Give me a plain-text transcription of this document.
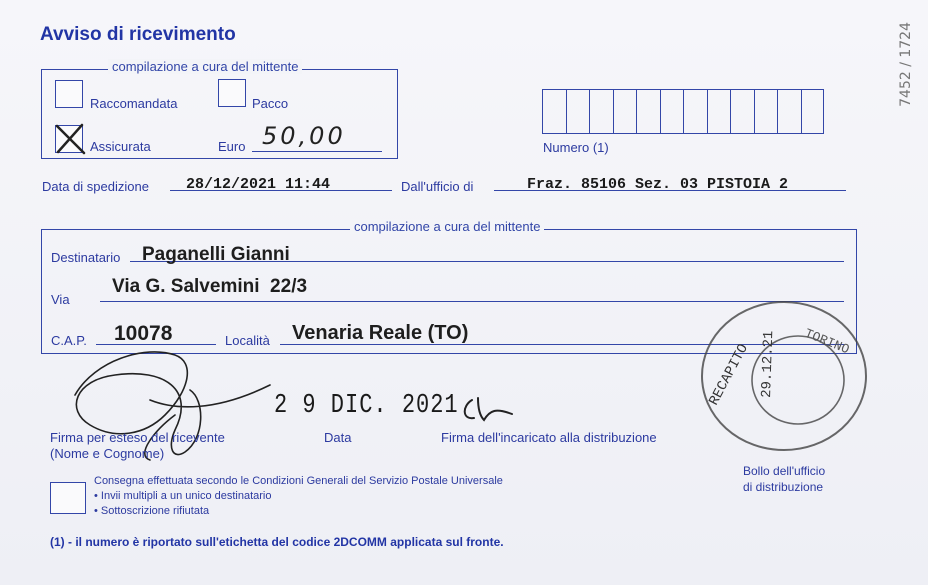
Avviso di ricevimento
compilazione a cura del mittente
Raccomandata	Pacco
Assicurata	Euro 50,00	Numero (1)
Data di spedizione 28/12/2021 11:44	Dall'ufficio di	Fraz. 85106 Sez. 03 PISTOIA 2
compilazione a cura del mittente
Destinatario Paganelli Gianni
Via
Via G. Salvemini  22/3
C.A.P. 10078	Località Venaria Reale (TO)
2 9 DIC. 2021
Firma per esteso del ricevente
(Nome e Cognome)
Data	Firma dell'incaricato alla distribuzione
RECAPITO	TORINO
29.12.21
Bollo dell'ufficio
di distribuzione
Consegna effettuata secondo le Condizioni Generali del Servizio Postale Universale
• Invii multipli a un unico destinatario
• Sottoscrizione rifiutata
(1) - il numero è riportato sull'etichetta del codice 2DCOMM applicata sul fronte.
7452 / 1724
